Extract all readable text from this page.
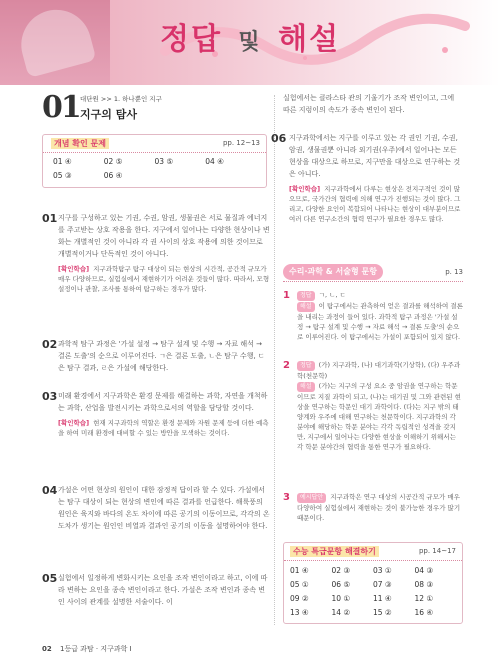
정답 및 해설
01 대단원 >> 1. 하나뿐인 지구
지구의 탐사
개념 확인 문제	pp. 12~13
01 ④	02 ⑤	03 ⑤	04 ④
05 ③	06 ④
01 지구를 구성하고 있는 기권, 수권, 암권, 생물권은 서로 물질과 에너지를 주고받는 상호 작용을 한다. 지구에서 일어나는 다양한 현상이나 변화는 개별적인 것이 아니라 각 권 사이의 상호 작용에 의한 것이므로 개별적이거나 단독적인 것이 아니다.
[확인학습] 지구과학탐구 탐구 대상이 되는 현상의 시간적, 공간적 규모가 매우 다양하므로, 실험실에서 재현하기가 어려운 것들이 많다. 따라서, 모형 설정이나 관찰, 조사를 통하여 탐구하는 경우가 많다.
02 과학적 탐구 과정은 '가설 설정 → 탐구 설계 및 수행 → 자료 해석 → 결론 도출'의 순으로 이루어진다. ㄱ은 결론 도출, ㄴ은 탐구 수행, ㄷ은 탐구 결과, ㄹ은 가설에 해당한다.
03 미래 환경에서 지구과학은 환경 문제를 해결하는 과학, 자연을 개척하는 과학, 산업을 발전시키는 과학으로서의 역할을 담당할 것이다.
[확인학습] 현재 지구과학의 역할은 환경 문제와 자원 문제 등에 더한 예측을 하여 미래 환경에 대비할 수 있는 방안을 모색하는 것이다.
04 가설은 어떤 현상의 원인이 대한 잠정적 답이라 할 수 있다. 가설에서는 탐구 대상이 되는 현상의 변인에 따른 결과를 언급한다. 해륙풍의 원인은 육지와 바다의 온도 차이에 따른 공기의 이동이므로, 각각의 온도차가 생기는 원인인 비열과 결과인 공기의 이동을 설명하여야 한다.
05 실험에서 일정하게 변화시키는 요인을 조작 변인이라고 하고, 이에 따라 변하는 요인을 종속 변인이라고 한다. 가설은 조작 변인과 종속 변인 사이의 관계를 설명한 서술이다. 이
실험에서는 클라스타 관의 기울기가 조작 변인이고, 그에 따른 지렁이의 속도가 종속 변인이 된다.
06 지구과학에서는 지구를 이루고 있는 각 권인 기권, 수권, 암권, 생물권뿐 아니라 외기권(우주)에서 일어나는 모든 현상을 대상으로 하므로, 지구만을 대상으로 연구하는 것은 아니다.
[확인학습] 지구과학에서 다루는 현상은 전지구적인 것이 많으므로, 국가간의 협력에 의해 연구가 진행되는 것이 많다. 그리고, 다양한 요인이 복합되어 나타나는 현상이 대부분이므로 여러 다른 연구소간의 협력 연구가 필요한 경우도 많다.
수리·과학 & 서술형 문항	p. 13
1	정답 ㄱ, ㄴ, ㄷ
해설 이 탐구에서는 관측하여 얻은 결과를 해석하여 결론을 내리는 과정이 들어 있다. 과학적 탐구 과정은 '가설 설정 → 탐구 설계 및 수행 → 자료 해석 → 결론 도출'의 순으로 이루어진다. 이 탐구에서는 가설이 포함되어 있지 않다.
2	정답 (가) 지구과학, (나) 대기과학(기상학), (다) 우주과학(천문학)
해설 (가)는 지구의 구성 요소 중 암권을 연구하는 학문이므로 지질 과학이 되고, (나)는 대기권 및 그와 관련된 현상을 연구하는 학문인 대기 과학이다. (다)는 지구 밖의 태양계와 우주에 대해 연구하는 천문학이다. 지구과학의 각 분야에 해당하는 학문 분야는 각각 독립적인 성격을 갖지만, 지구에서 일어나는 다양한 현상을 이해하기 위해서는 각 학문 분야간의 협력을 통한 연구가 필요하다.
3	예시답안 지구과학은 연구 대상의 시공간적 규모가 매우 다양하여 실험실에서 재현하는 것이 불가능한 경우가 많기 때문이다.
수능 특급문항 해결하기	pp. 14~17
01 ④	02 ③	03 ①	04 ③
05 ①	06 ⑤	07 ③	08 ③
09 ②	10 ①	11 ④	12 ①
13 ④	14 ②	15 ②	16 ④
02 1등급 과탐 · 지구과학 I
